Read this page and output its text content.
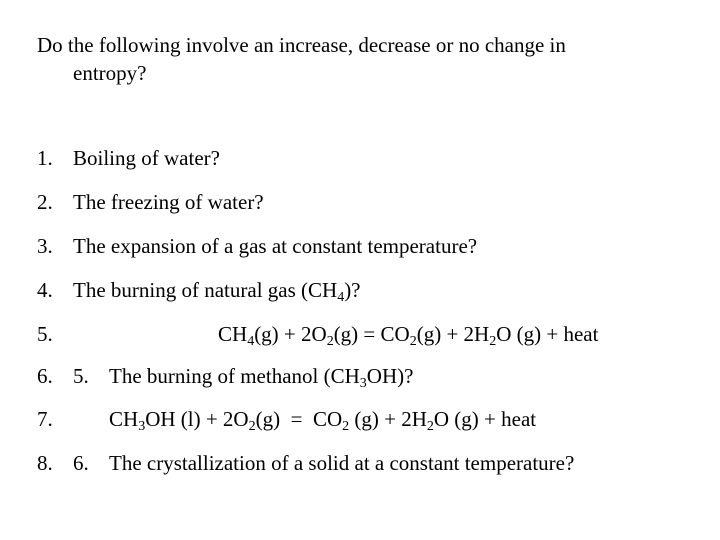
Do the following involve an increase, decrease or no change in
entropy?
1. Boiling of water?
2. The freezing of water?
3. The expansion of a gas at constant temperature?
4. The burning of natural gas $(CH_4)$?
5.	$CH_4(g) + 2O_2(g) = CO_2(g) + 2H_2O$ (g) + heat
6. 5. The burning of methanol $(CH_3OH)$?
7.	$CH_3OH$ $(l) + 2O_2(g) = CO_2$ $(g) + 2H_2O$ (g) + heat
8. 6. The crystallization of a solid at a constant temperature?
